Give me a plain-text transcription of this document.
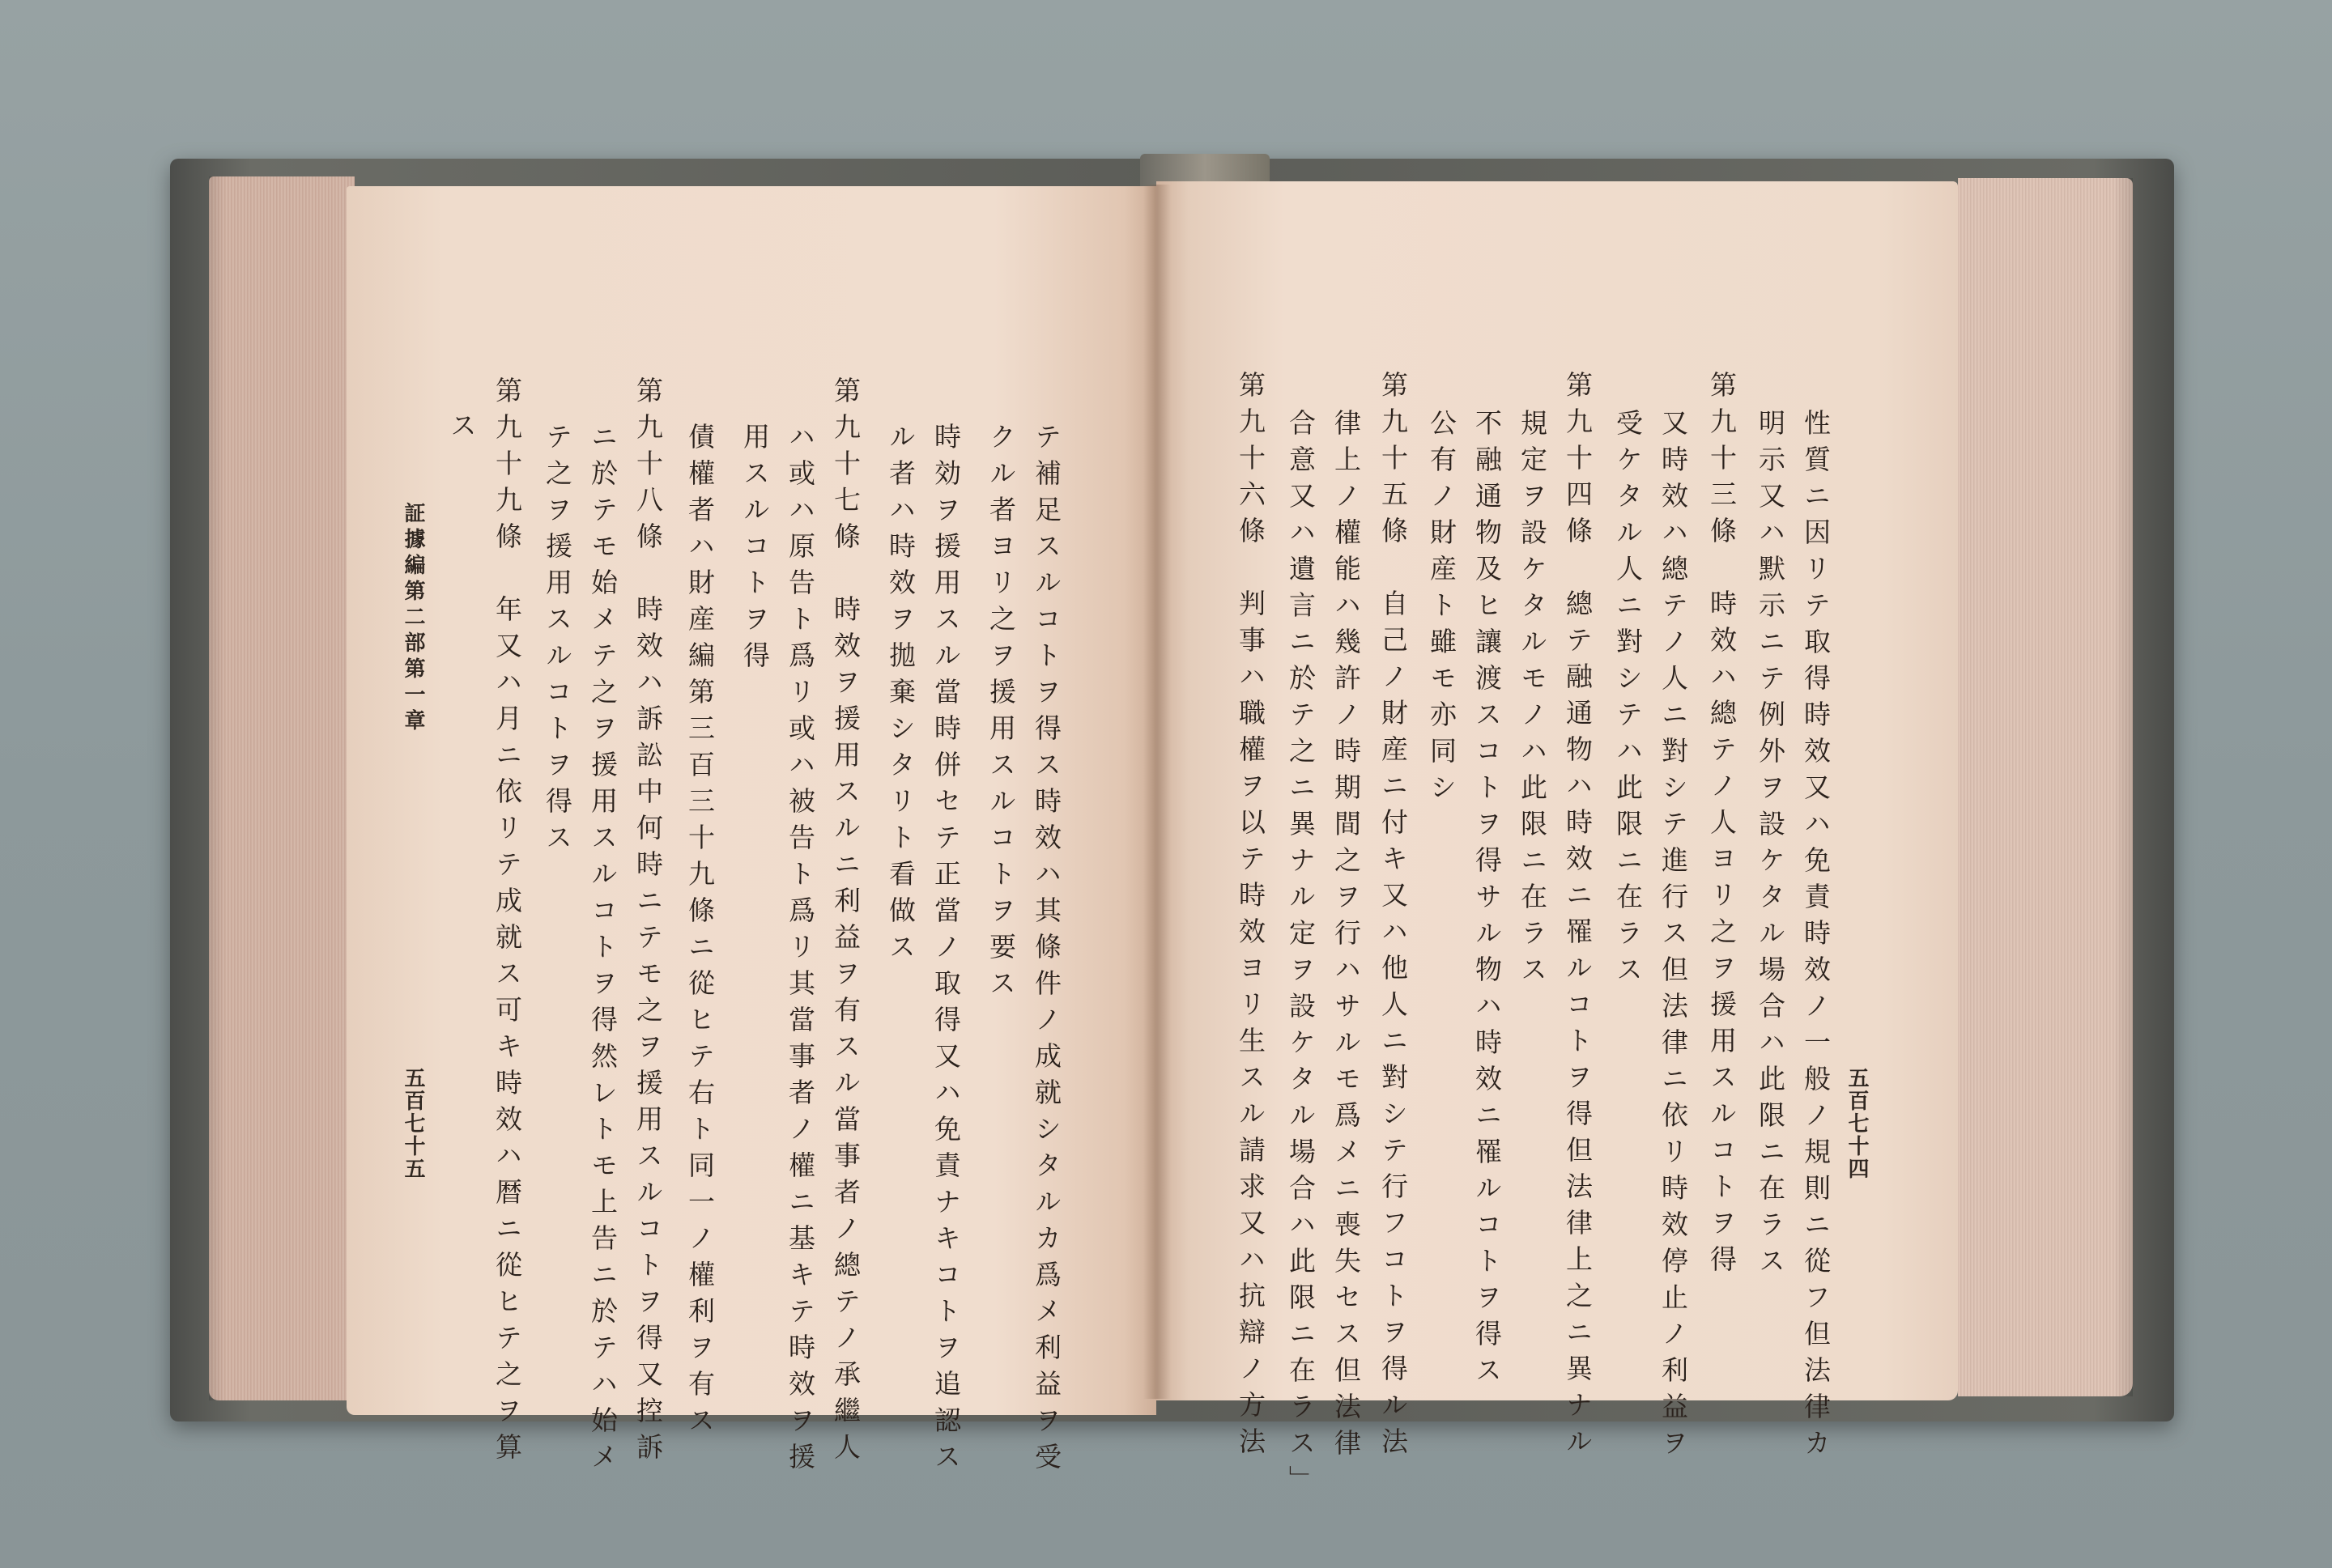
証據編第二部第一章
五百七十五	テ補足スルコトヲ得ス時效ハ其條件ノ成就シタルカ爲メ利益ヲ受
クル者ヨリ之ヲ援用スルコトヲ要ス
時効ヲ援用スル當時併セテ正當ノ取得又ハ免責ナキコトヲ追認ス
ル者ハ時效ヲ拋棄シタリト看做ス
第九十七條　時效ヲ援用スルニ利益ヲ有スル當事者ノ總テノ承繼人
ハ或ハ原告ト爲リ或ハ被告ト爲リ其當事者ノ權ニ基キテ時效ヲ援
用スルコトヲ得
債權者ハ財産編第三百三十九條ニ從ヒテ右ト同一ノ權利ヲ有ス
第九十八條　時效ハ訴訟中何時ニテモ之ヲ援用スルコトヲ得又控訴
ニ於テモ始メテ之ヲ援用スルコトヲ得然レトモ上告ニ於テハ始メ
テ之ヲ援用スルコトヲ得ス
第九十九條　年又ハ月ニ依リテ成就ス可キ時效ハ暦ニ從ヒテ之ヲ算
ス
五百七十四
性質ニ因リテ取得時效又ハ免責時效ノ一般ノ規則ニ從フ但法律カ
明示又ハ默示ニテ例外ヲ設ケタル場合ハ此限ニ在ラス
第九十三條　時效ハ總テノ人ヨリ之ヲ援用スルコトヲ得
又時效ハ總テノ人ニ對シテ進行ス但法律ニ依リ時效停止ノ利益ヲ
受ケタル人ニ對シテハ此限ニ在ラス
第九十四條　總テ融通物ハ時效ニ罹ルコトヲ得但法律上之ニ異ナル
規定ヲ設ケタルモノハ此限ニ在ラス
不融通物及ヒ讓渡スコトヲ得サル物ハ時效ニ罹ルコトヲ得ス
公有ノ財産ト雖モ亦同シ
第九十五條　自己ノ財産ニ付キ又ハ他人ニ對シテ行フコトヲ得ル法
律上ノ權能ハ幾許ノ時期間之ヲ行ハサルモ爲メニ喪失セス但法律
合意又ハ遺言ニ於テ之ニ異ナル定ヲ設ケタル場合ハ此限ニ在ラス」
第九十六條　判事ハ職權ヲ以テ時效ヨリ生スル請求又ハ抗辯ノ方法
